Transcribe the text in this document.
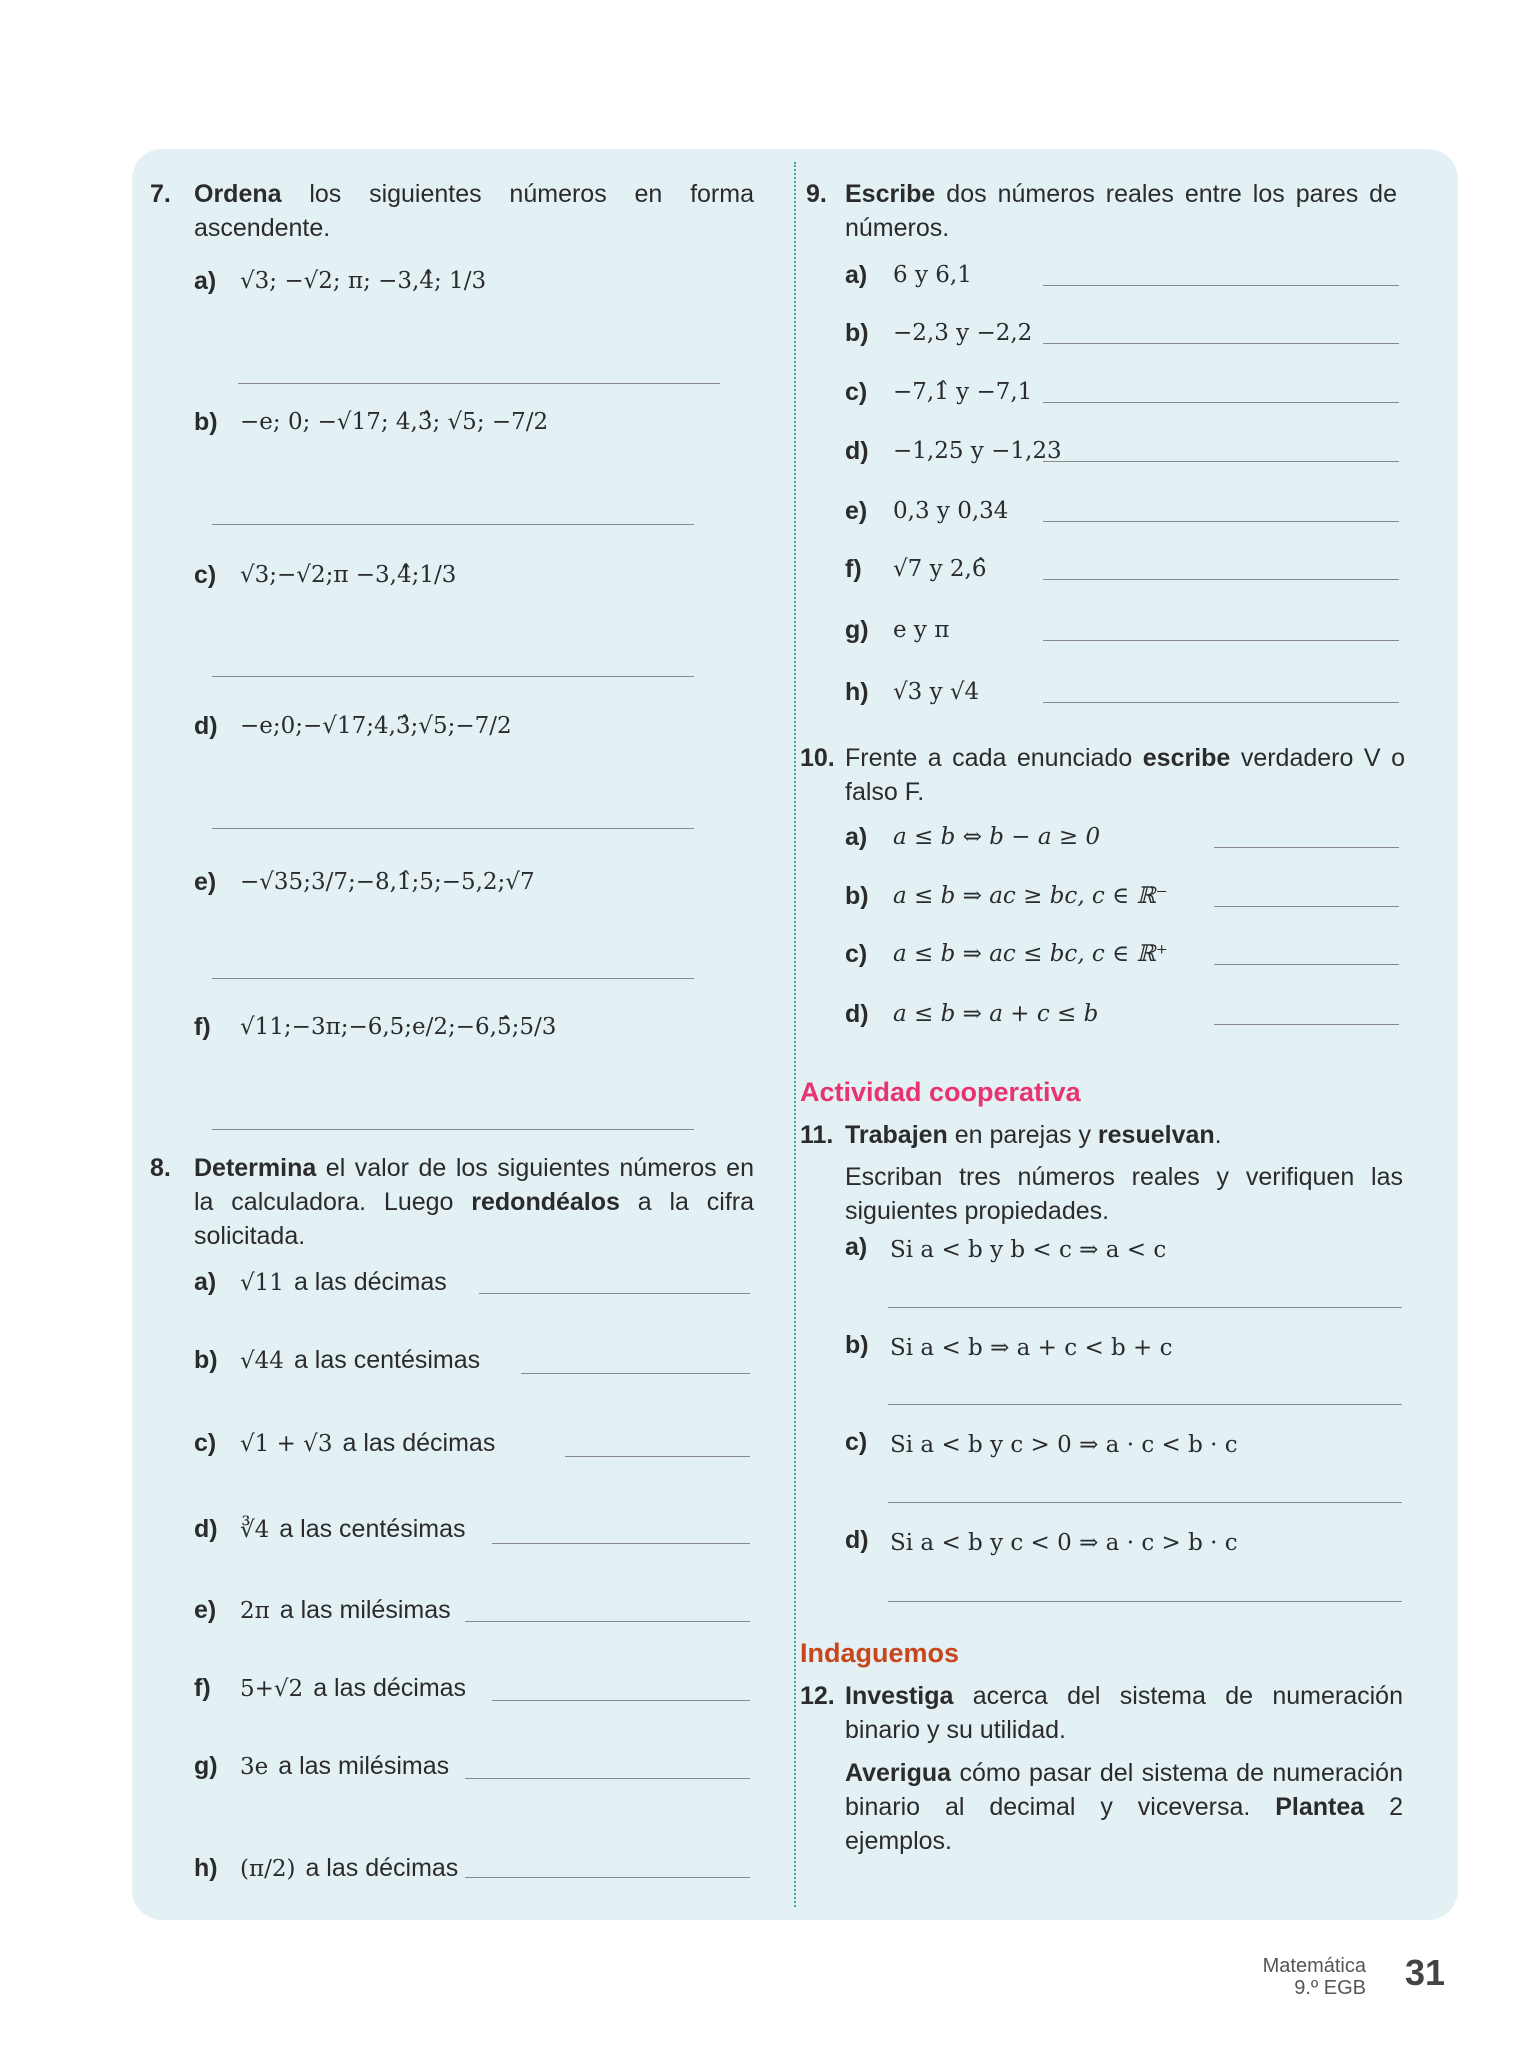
7. Ordena los siguientes números en forma ascendente.
a) √3; −√2; π; −3,4̂; 1/3
b) −e; 0; −√17; 4,3̂; √5; −7/2
c) √3;−√2;π −3,4̂;1/3
d) −e;0;−√17;4,3̂;√5;−7/2
e) −√35;3/7;−8,1̂;5;−5,2;√7
f) √11;−3π;−6,5;e/2;−6,5̂;5/3
8. Determina el valor de los siguientes números en la calculadora. Luego redondéalos a la cifra solicitada.
a) √11 a las décimas
b) √44 a las centésimas
c) √1 + √3 a las décimas
d) ∛4 a las centésimas
e) 2π a las milésimas
f) 5+√2 a las décimas
g) 3e a las milésimas
h) (π/2) a las décimas
9. Escribe dos números reales entre los pares de números.
a) 6 y 6,1
b) −2,3 y −2,2
c) −7,1̂ y −7,1
d) −1,25 y −1,23
e) 0,3 y 0,34
f) √7 y 2,6̂
g) e y π
h) √3 y √4
10. Frente a cada enunciado escribe verdadero V o falso F.
a) a ≤ b ⇔ b − a ≥ 0
b) a ≤ b ⇒ ac ≥ bc, c ∈ ℝ⁻
c) a ≤ b ⇒ ac ≤ bc, c ∈ ℝ⁺
d) a ≤ b ⇒ a + c ≤ b
Actividad cooperativa
11. Trabajen en parejas y resuelvan.
Escriban tres números reales y verifiquen las siguientes propiedades.
a) Si a < b y b < c ⇒ a < c
b) Si a < b ⇒ a + c < b + c
c) Si a < b y c > 0 ⇒ a · c < b · c
d) Si a < b y c < 0 ⇒ a · c > b · c
Indaguemos
12. Investiga acerca del sistema de numeración binario y su utilidad.
Averigua cómo pasar del sistema de numeración binario al decimal y viceversa. Plantea 2 ejemplos.
Matemática
9.º EGB 31
